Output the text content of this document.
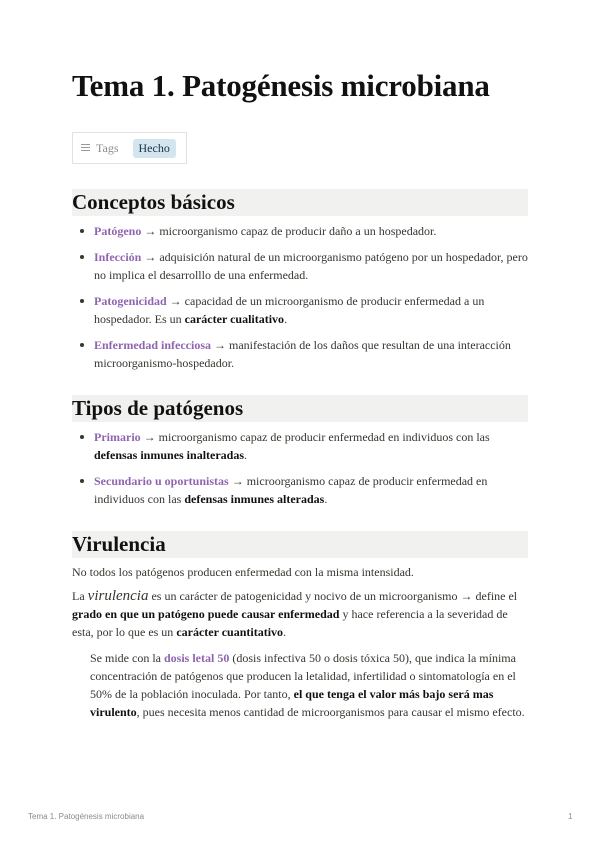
Tema 1. Patogénesis microbiana
Tags	Hecho
Conceptos básicos
Patógeno → microorganismo capaz de producir daño a un hospedador.
Infección → adquisición natural de un microorganismo patógeno por un hospedador, pero no implica el desarrolllo de una enfermedad.
Patogenicidad → capacidad de un microorganismo de producir enfermedad a un hospedador. Es un carácter cualitativo.
Enfermedad infecciosa → manifestación de los daños que resultan de una interacción microorganismo-hospedador.
Tipos de patógenos
Primario → microorganismo capaz de producir enfermedad en individuos con las defensas inmunes inalteradas.
Secundario u oportunistas → microorganismo capaz de producir enfermedad en individuos con las defensas inmunes alteradas.
Virulencia

No todos los patógenos producen enfermedad con la misma intensidad.

La virulencia es un carácter de patogenicidad y nocivo de un microorganismo → define el grado en que un patógeno puede causar enfermedad y hace referencia a la severidad de esta, por lo que es un carácter cuantitativo.

Se mide con la dosis letal 50 (dosis infectiva 50 o dosis tóxica 50), que indica la mínima concentración de patógenos que producen la letalidad, infertilidad o sintomatología en el 50% de la población inoculada. Por tanto, el que tenga el valor más bajo será mas virulento, pues necesita menos cantidad de microorganismos para causar el mismo efecto.

Tema 1. Patogénesis microbiana	1
